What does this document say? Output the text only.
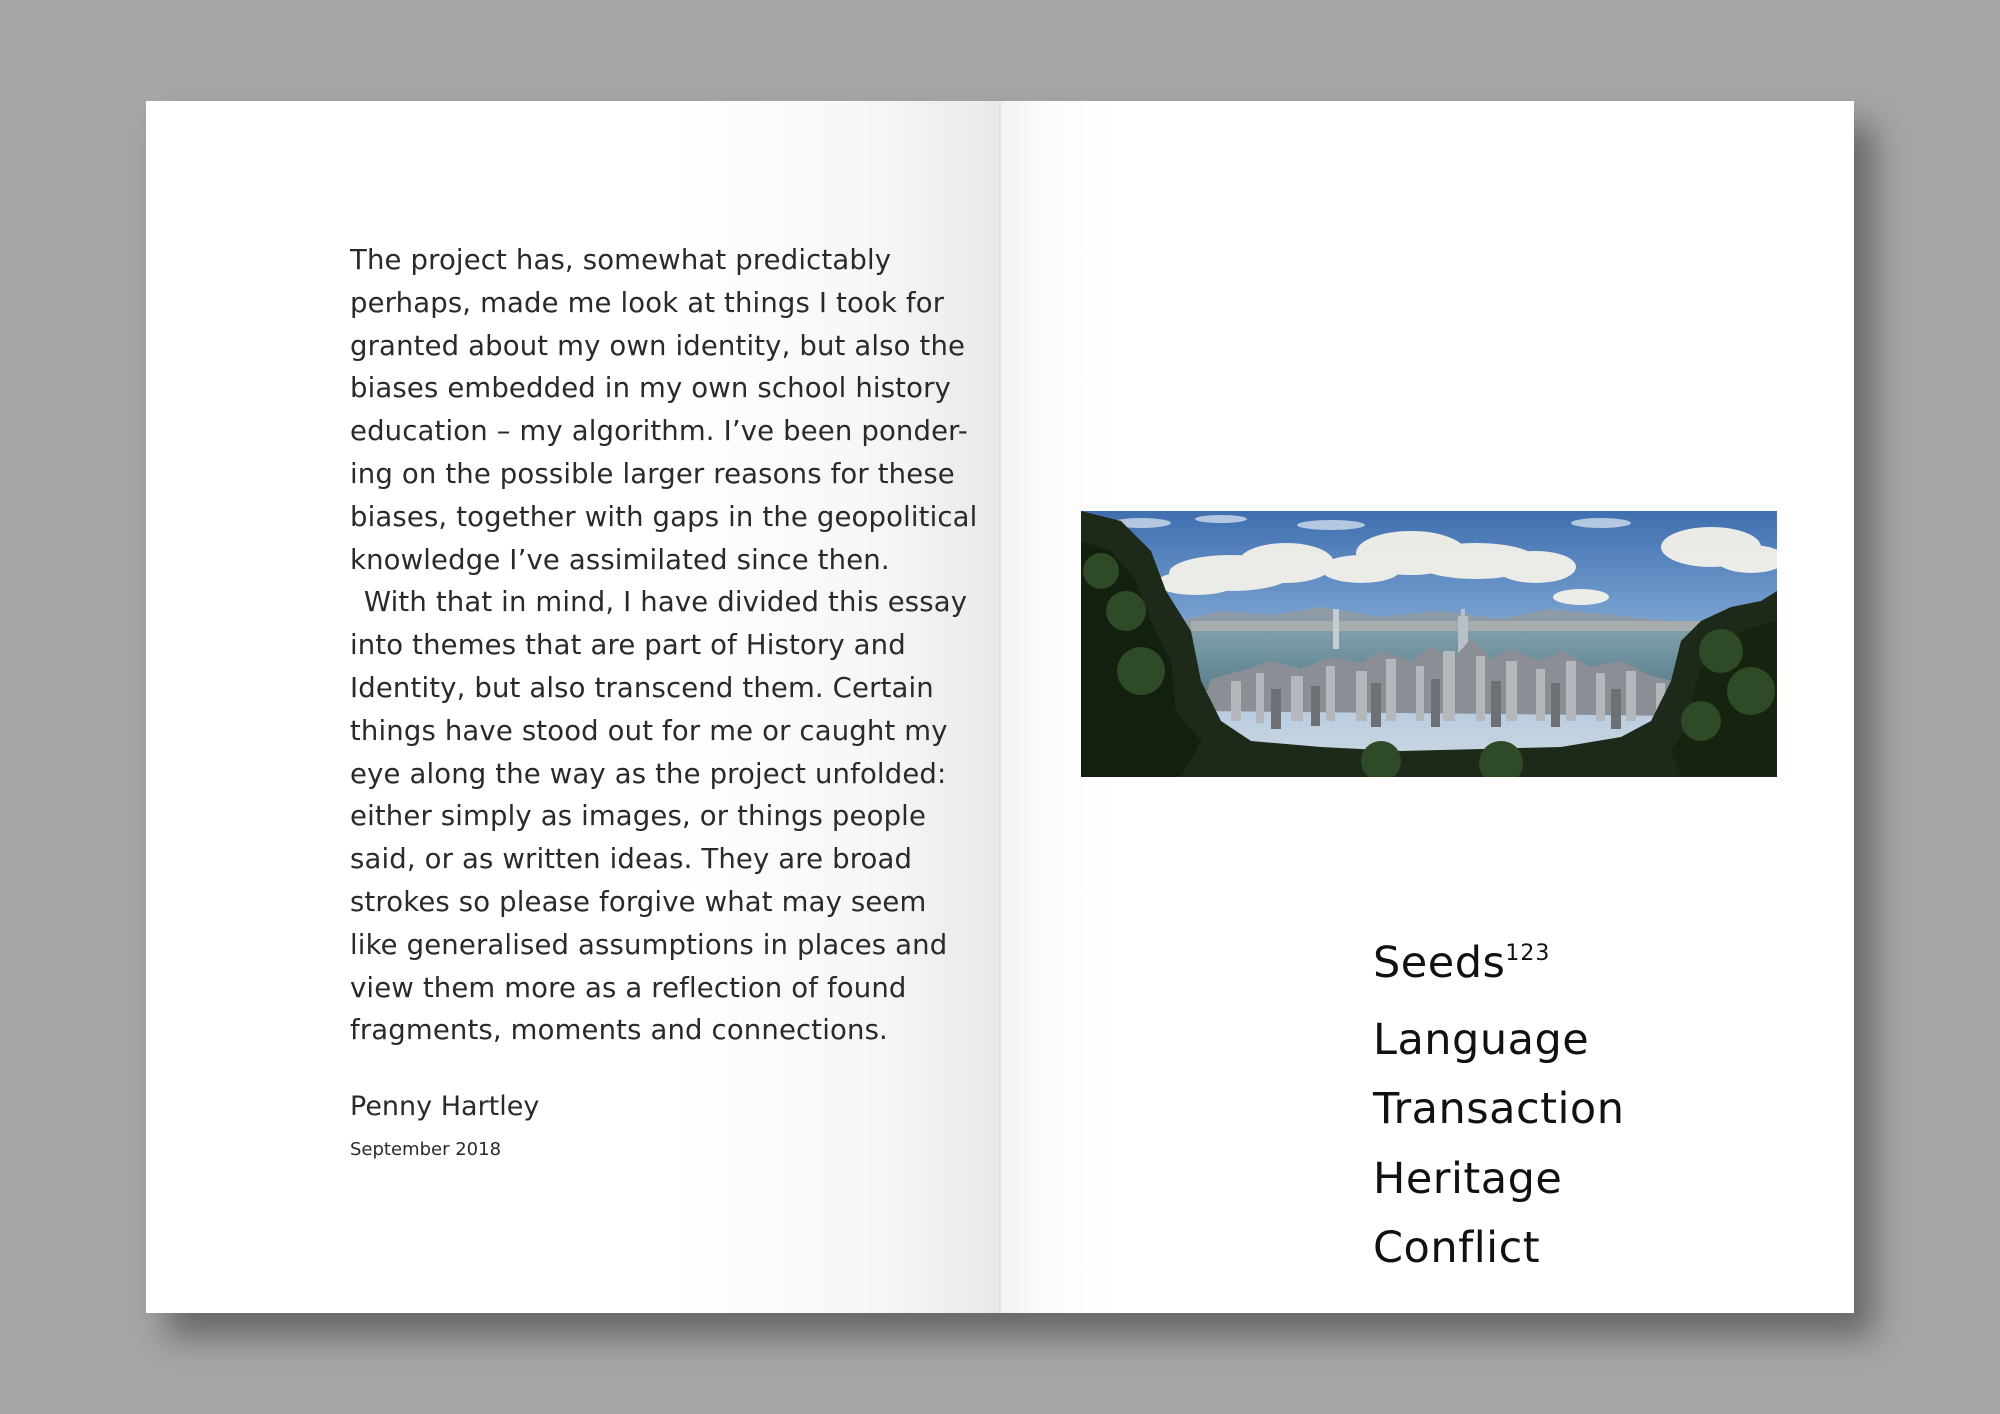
The project has, somewhat predictably
perhaps, made me look at things I took for
granted about my own identity, but also the
biases embedded in my own school history
education – my algorithm. I’ve been ponder-
ing on the possible larger reasons for these
biases, together with gaps in the geopolitical
knowledge I’ve assimilated since then.
 With that in mind, I have divided this essay
into themes that are part of History and
Identity, but also transcend them. Certain
things have stood out for me or caught my
eye along the way as the project unfolded:
either simply as images, or things people
said, or as written ideas. They are broad
strokes so please forgive what may seem
like generalised assumptions in places and
view them more as a reflection of found
fragments, moments and connections.

Penny Hartley
September 2018
Seeds$^{123}$
Language
Transaction
Heritage
Conflict
